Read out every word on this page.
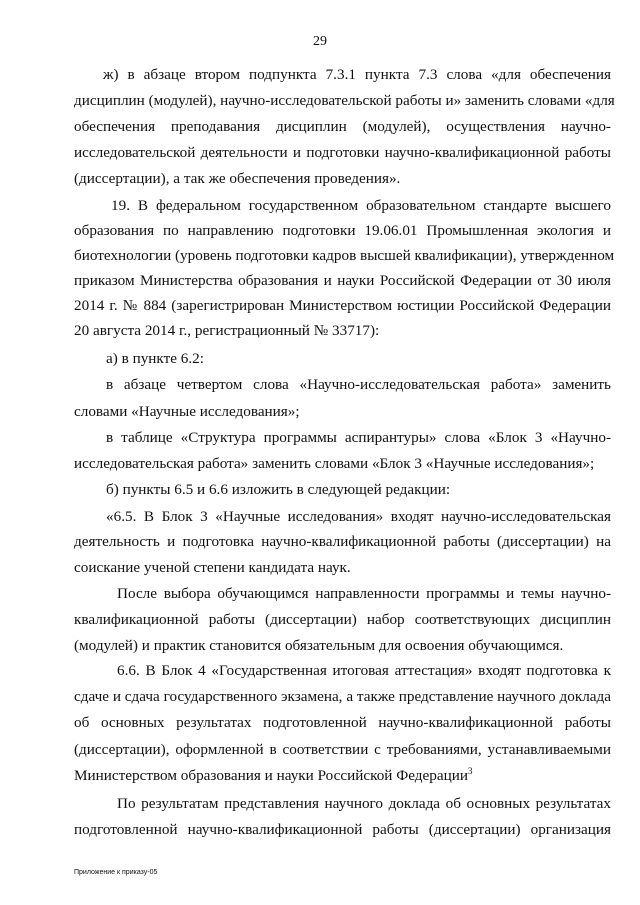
29
ж) в абзаце втором подпункта 7.3.1 пункта 7.3 слова «для обеспечения
дисциплин (модулей), научно-исследовательской работы и» заменить словами «для
обеспечения преподавания дисциплин (модулей), осуществления научно-
исследовательской деятельности и подготовки научно-квалификационной работы
(диссертации), а так же обеспечения проведения».
19. В федеральном государственном образовательном стандарте высшего
образования по направлению подготовки 19.06.01 Промышленная экология и
биотехнологии (уровень подготовки кадров высшей квалификации), утвержденном
приказом Министерства образования и науки Российской Федерации от 30 июля
2014 г. № 884 (зарегистрирован Министерством юстиции Российской Федерации
20 августа 2014 г., регистрационный № 33717):
а) в пункте 6.2:
в абзаце четвертом слова «Научно-исследовательская работа» заменить
словами «Научные исследования»;
в таблице «Структура программы аспирантуры» слова «Блок 3 «Научно-
исследовательская работа» заменить словами «Блок 3 «Научные исследования»;
б) пункты 6.5 и 6.6 изложить в следующей редакции:
«6.5. В Блок 3 «Научные исследования» входят научно-исследовательская
деятельность и подготовка научно-квалификационной работы (диссертации) на
соискание ученой степени кандидата наук.
После выбора обучающимся направленности программы и темы научно-
квалификационной работы (диссертации) набор соответствующих дисциплин
(модулей) и практик становится обязательным для освоения обучающимся.
6.6. В Блок 4 «Государственная итоговая аттестация» входят подготовка к
сдаче и сдача государственного экзамена, а также представление научного доклада
об основных результатах подготовленной научно-квалификационной работы
(диссертации), оформленной в соответствии с требованиями, устанавливаемыми
Министерством образования и науки Российской Федерации$^3$
По результатам представления научного доклада об основных результатах
подготовленной научно-квалификационной работы (диссертации) организация
Приложение к приказу-05
